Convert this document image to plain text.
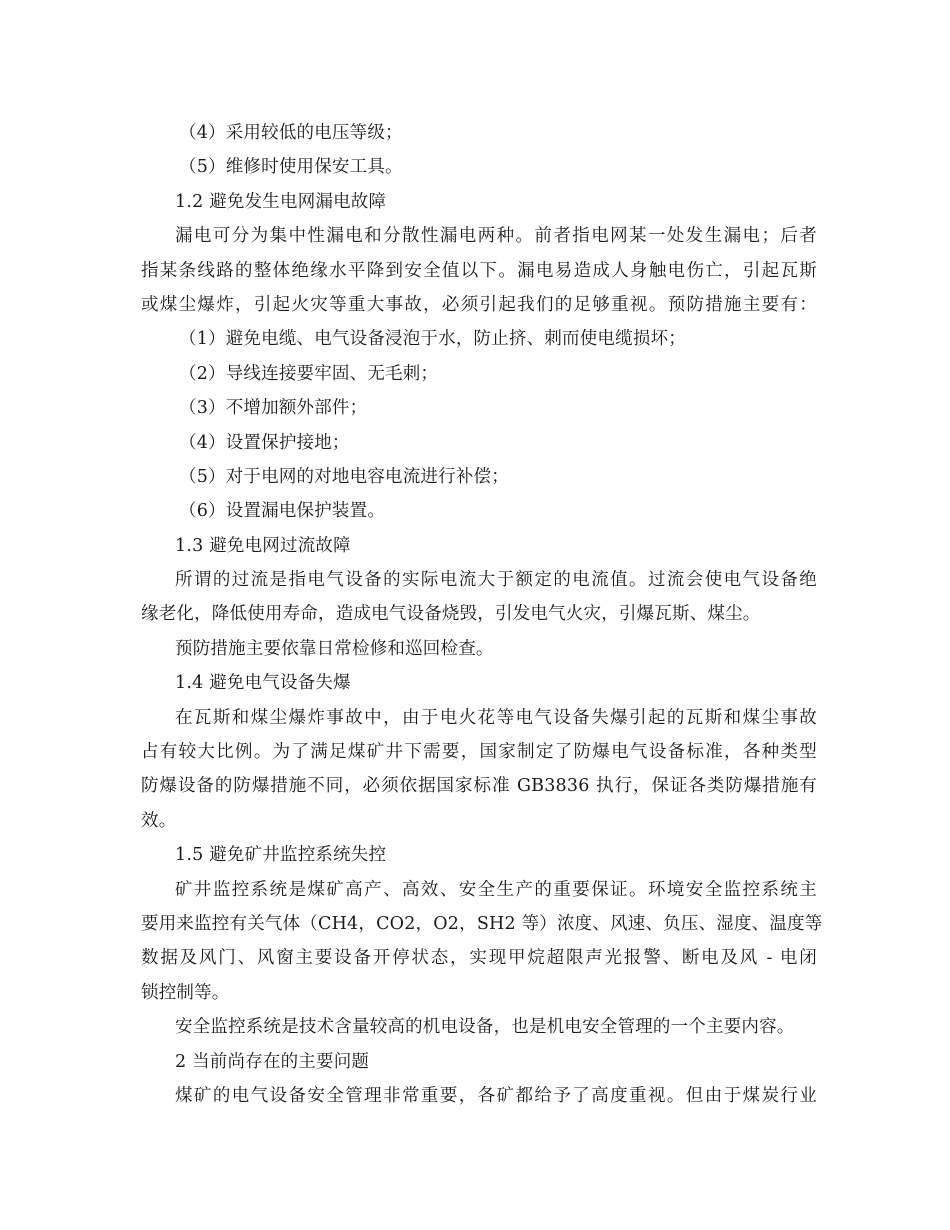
（4）采用较低的电压等级；
（5）维修时使用保安工具。
1.2 避免发生电网漏电故障
漏电可分为集中性漏电和分散性漏电两种。前者指电网某一处发生漏电；后者
指某条线路的整体绝缘水平降到安全值以下。漏电易造成人身触电伤亡，引起瓦斯
或煤尘爆炸，引起火灾等重大事故，必须引起我们的足够重视。预防措施主要有：
（1）避免电缆、电气设备浸泡于水，防止挤、刺而使电缆损坏；
（2）导线连接要牢固、无毛刺；
（3）不增加额外部件；
（4）设置保护接地；
（5）对于电网的对地电容电流进行补偿；
（6）设置漏电保护装置。
1.3 避免电网过流故障
所谓的过流是指电气设备的实际电流大于额定的电流值。过流会使电气设备绝
缘老化，降低使用寿命，造成电气设备烧毁，引发电气火灾，引爆瓦斯、煤尘。
预防措施主要依靠日常检修和巡回检查。
1.4 避免电气设备失爆
在瓦斯和煤尘爆炸事故中，由于电火花等电气设备失爆引起的瓦斯和煤尘事故
占有较大比例。为了满足煤矿井下需要，国家制定了防爆电气设备标准，各种类型
防爆设备的防爆措施不同，必须依据国家标准 GB3836 执行，保证各类防爆措施有
效。
1.5 避免矿井监控系统失控
矿井监控系统是煤矿高产、高效、安全生产的重要保证。环境安全监控系统主
要用来监控有关气体（CH4，CO2，O2，SH2 等）浓度、风速、负压、湿度、温度等
数据及风门、风窗主要设备开停状态，实现甲烷超限声光报警、断电及风 - 电闭
锁控制等。
安全监控系统是技术含量较高的机电设备，也是机电安全管理的一个主要内容。
2 当前尚存在的主要问题
煤矿的电气设备安全管理非常重要，各矿都给予了高度重视。但由于煤炭行业
